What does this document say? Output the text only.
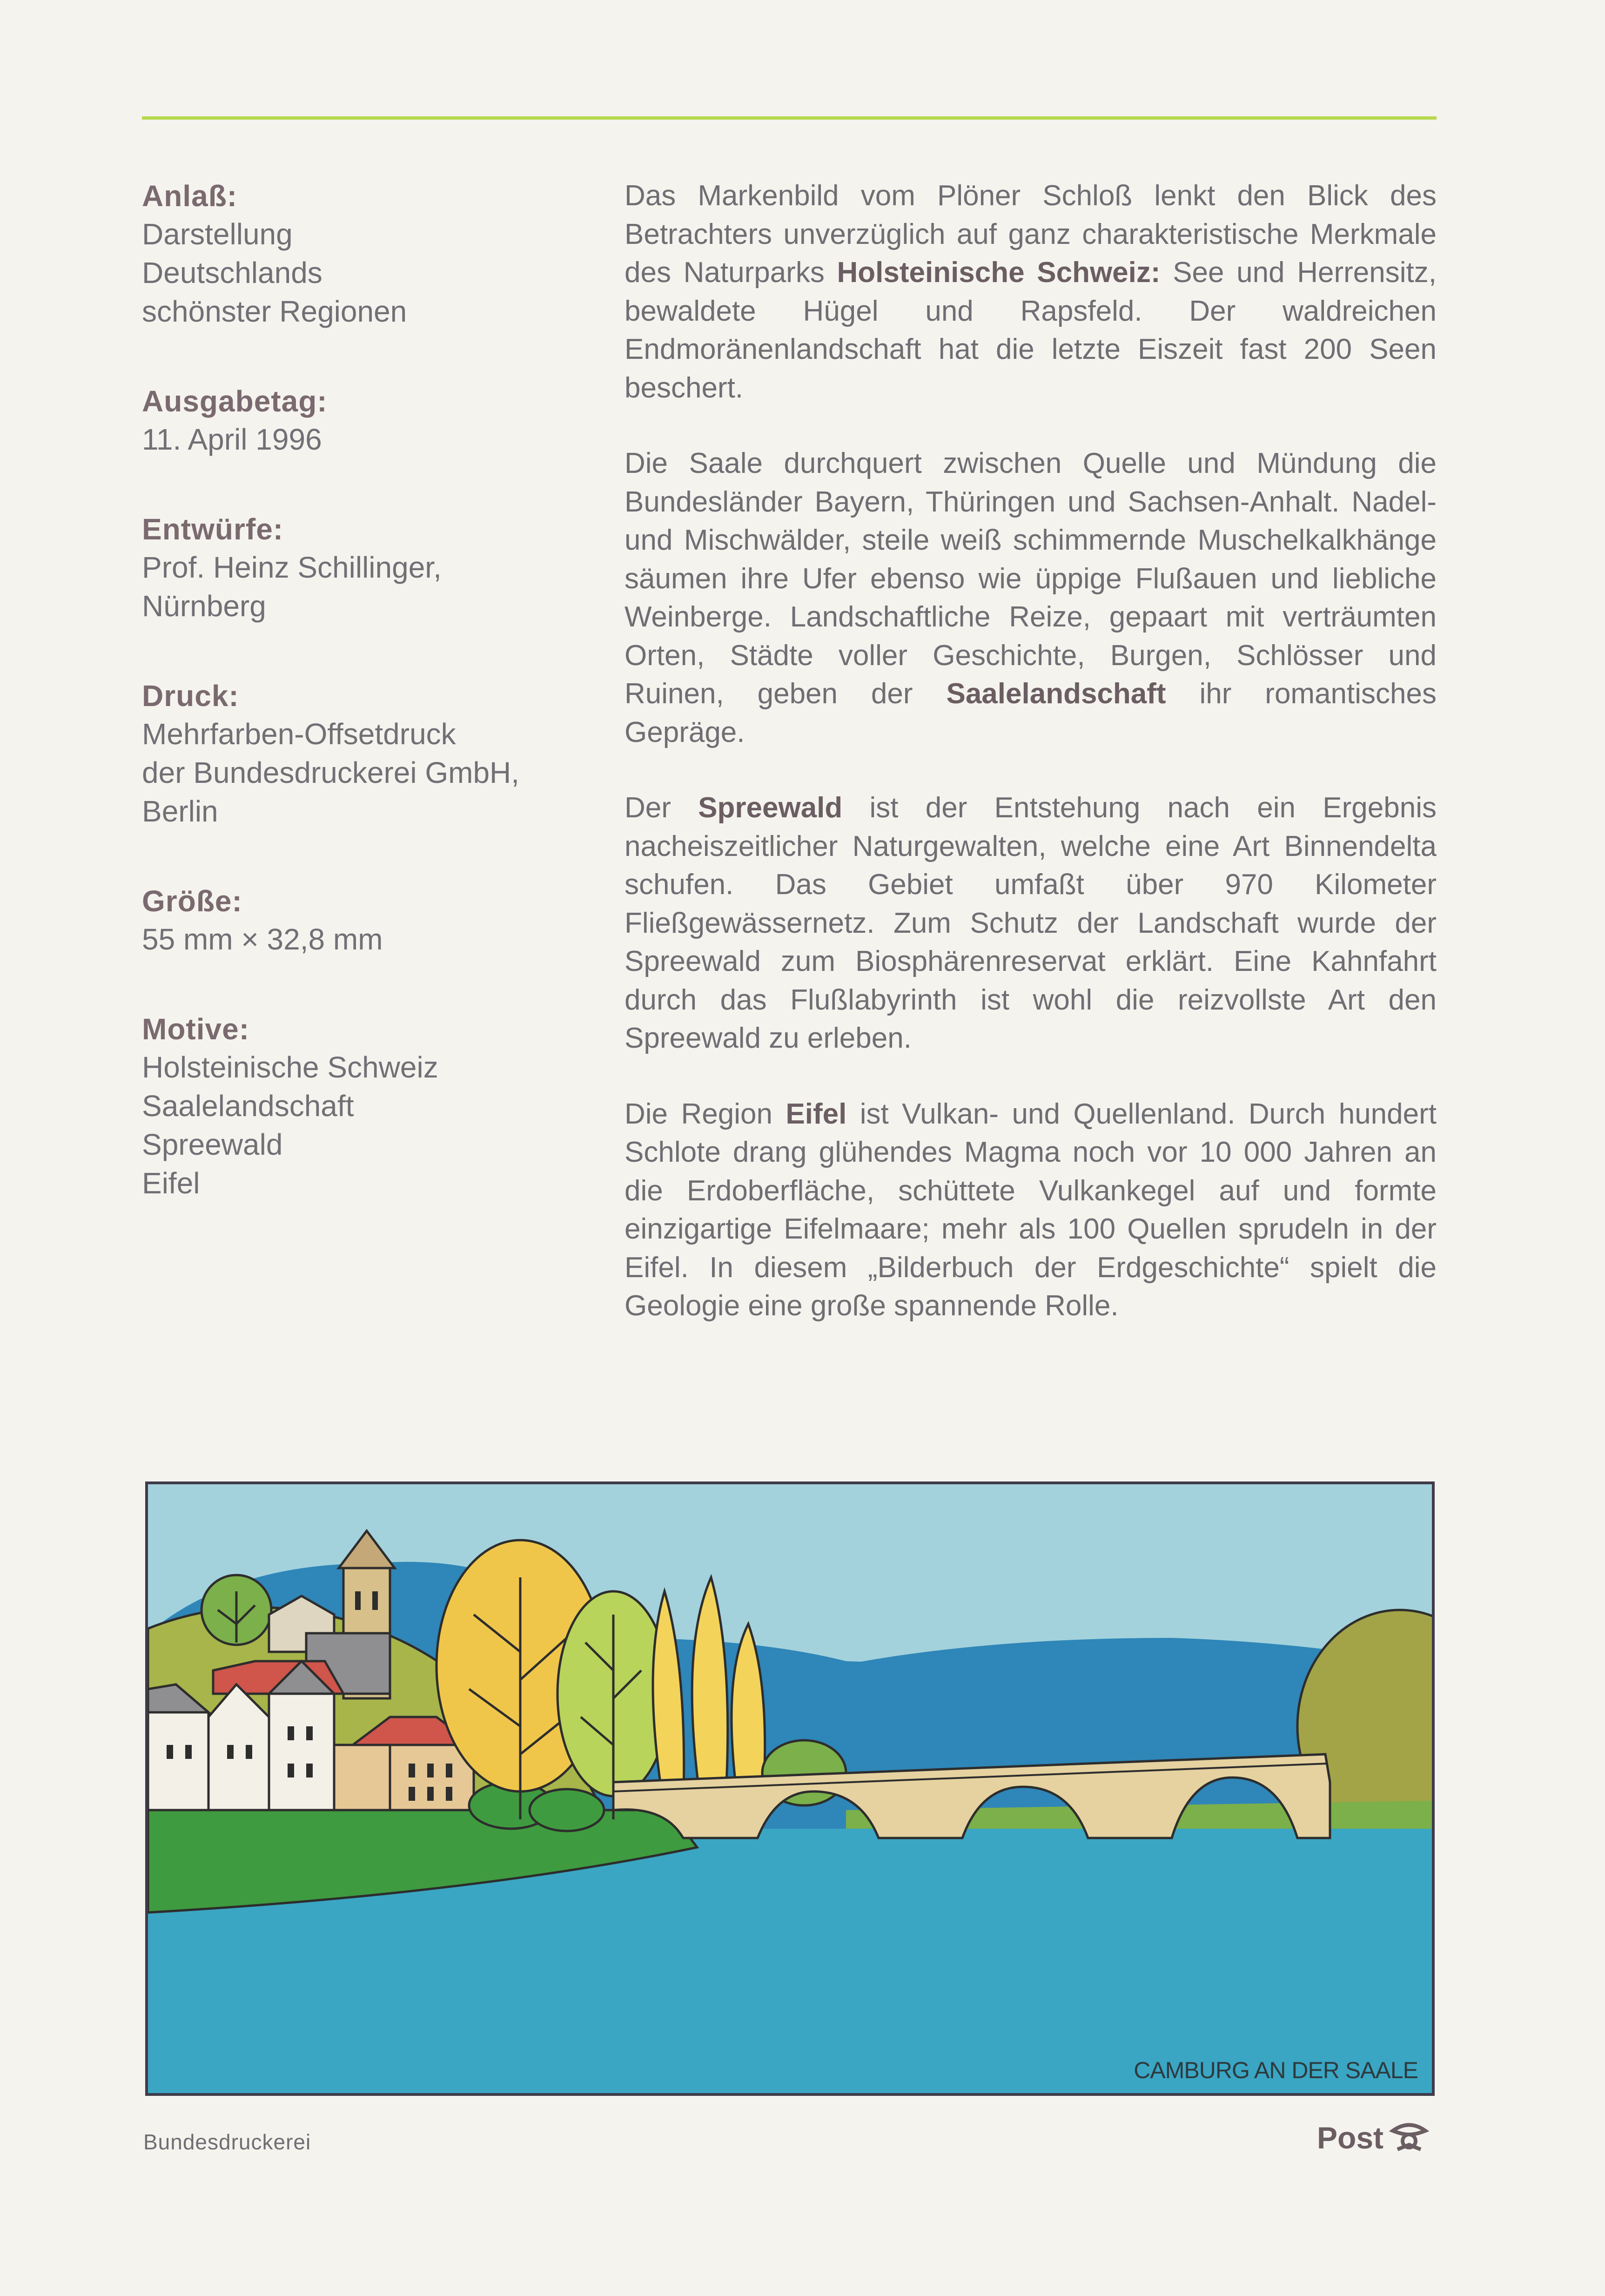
Anlaß:
Darstellung
Deutschlands
schönster Regionen
Ausgabetag:
11. April 1996
Entwürfe:
Prof. Heinz Schillinger,
Nürnberg
Druck:
Mehrfarben-Offsetdruck
der Bundesdruckerei GmbH,
Berlin
Größe:
55 mm × 32,8 mm
Motive:
Holsteinische Schweiz
Saalelandschaft
Spreewald
Eifel

Das Markenbild vom Plöner Schloß lenkt den Blick des Betrachters unverzüglich auf ganz charakteristische Merkmale des Naturparks Holsteinische Schweiz: See und Herrensitz, bewaldete Hügel und Rapsfeld. Der waldreichen Endmoränenlandschaft hat die letzte Eiszeit fast 200 Seen beschert.

Die Saale durchquert zwischen Quelle und Mündung die Bundesländer Bayern, Thüringen und Sachsen-Anhalt. Nadel- und Mischwälder, steile weiß schimmernde Muschelkalkhänge säumen ihre Ufer ebenso wie üppige Flußauen und liebliche Weinberge. Landschaftliche Reize, gepaart mit verträumten Orten, Städte voller Geschichte, Burgen, Schlösser und Ruinen, geben der Saalelandschaft ihr romantisches Gepräge.

Der Spreewald ist der Entstehung nach ein Ergebnis nacheiszeitlicher Naturgewalten, welche eine Art Binnendelta schufen. Das Gebiet umfaßt über 970 Kilometer Fließgewässernetz. Zum Schutz der Landschaft wurde der Spreewald zum Biosphärenreservat erklärt. Eine Kahnfahrt durch das Flußlabyrinth ist wohl die reizvollste Art den Spreewald zu erleben.

Die Region Eifel ist Vulkan- und Quellenland. Durch hundert Schlote drang glühendes Magma noch vor 10 000 Jahren an die Erdoberfläche, schüttete Vulkankegel auf und formte einzigartige Eifelmaare; mehr als 100 Quellen sprudeln in der Eifel. In diesem „Bilderbuch der Erdgeschichte“ spielt die Geologie eine große spannende Rolle.

CAMBURG AN DER SAALE
Bundesdruckerei	Post
